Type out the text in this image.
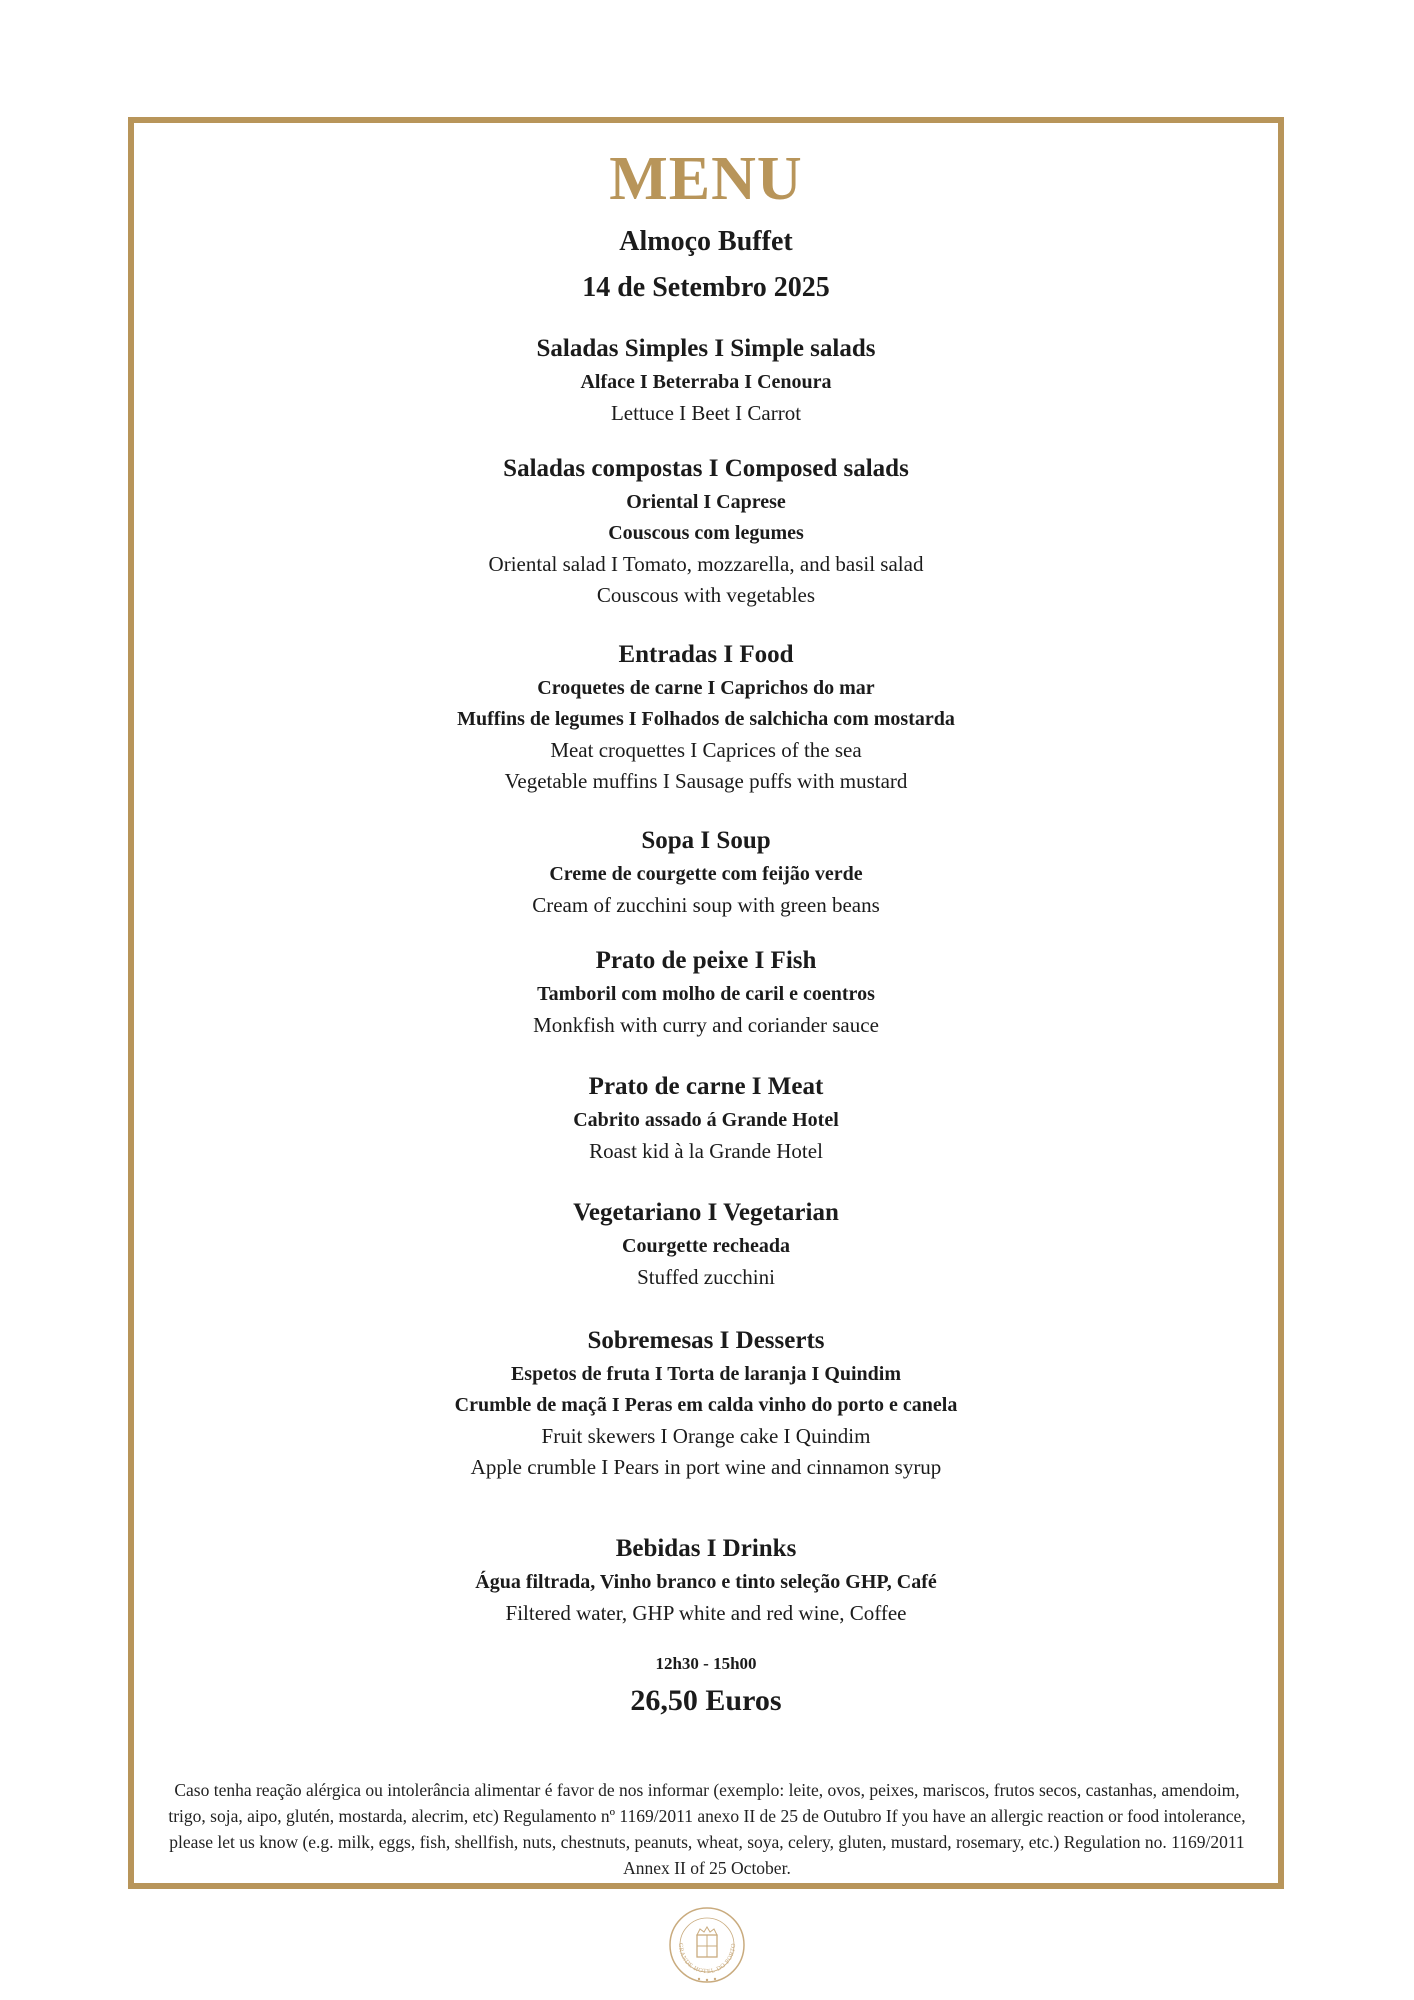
MENU
Almoço Buffet
14 de Setembro 2025
Saladas Simples I Simple salads
Alface I Beterraba I Cenoura
Lettuce I Beet I Carrot
Saladas compostas I Composed salads
Oriental I Caprese
Couscous com legumes
Oriental salad I Tomato, mozzarella, and basil salad
Couscous with vegetables
Entradas I Food
Croquetes de carne I Caprichos do mar
Muffins de legumes I Folhados de salchicha com mostarda
Meat croquettes I Caprices of the sea
Vegetable muffins I Sausage puffs with mustard
Sopa I Soup
Creme de courgette com feijão verde
Cream of zucchini soup with green beans
Prato de peixe I Fish
Tamboril com molho de caril e coentros
Monkfish with curry and coriander sauce
Prato de carne I Meat
Cabrito assado á Grande Hotel
Roast kid à la Grande Hotel
Vegetariano I Vegetarian
Courgette recheada
Stuffed zucchini
Sobremesas I Desserts
Espetos de fruta I Torta de laranja I Quindim
Crumble de maçã I Peras em calda vinho do porto e canela
Fruit skewers I Orange cake I Quindim
Apple crumble I Pears in port wine and cinnamon syrup
Bebidas I Drinks
Água filtrada, Vinho branco e tinto seleção GHP, Café
Filtered water, GHP white and red wine, Coffee
12h30 - 15h00
26,50 Euros
Caso tenha reação alérgica ou intolerância alimentar é favor de nos informar (exemplo: leite, ovos, peixes, mariscos, frutos secos, castanhas, amendoim, trigo, soja, aipo, glutén, mostarda, alecrim, etc) Regulamento nº 1169/2011 anexo II de 25 de Outubro If you have an allergic reaction or food intolerance, please let us know (e.g. milk, eggs, fish, shellfish, nuts, chestnuts, peanuts, wheat, soya, celery, gluten, mustard, rosemary, etc.) Regulation no. 1169/2011 Annex II of 25 October.
GRANDE HOTEL DO PORTO
